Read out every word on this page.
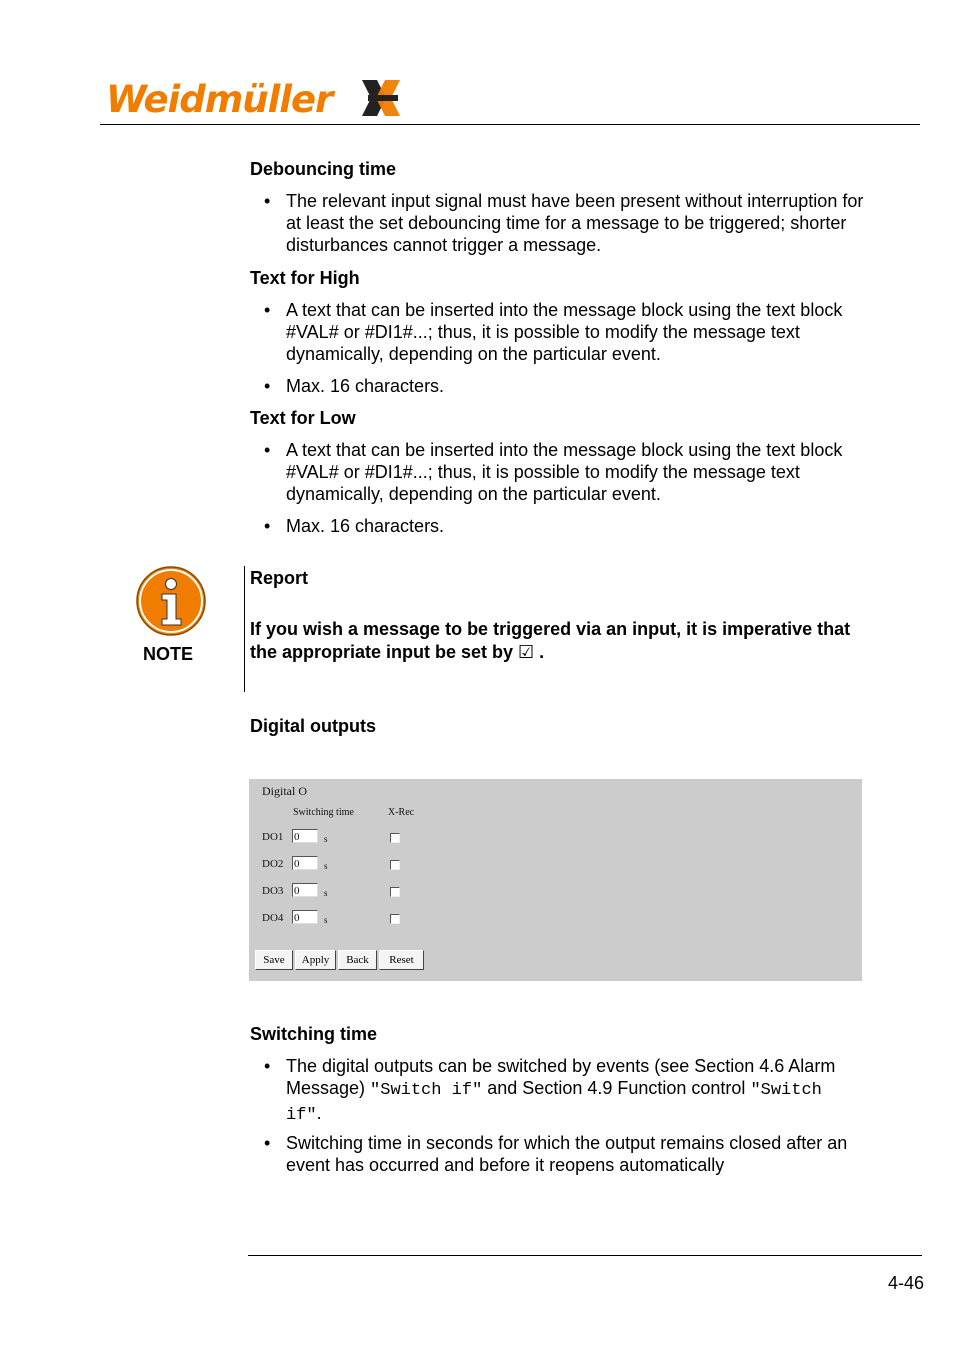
Weidmüller
Debouncing time
• The relevant input signal must have been present without interruption for at least the set debouncing time for a message to be triggered; shorter disturbances cannot trigger a message.
Text for High
• A text that can be inserted into the message block using the text block #VAL# or #DI1#...; thus, it is possible to modify the message text dynamically, depending on the particular event.
• Max. 16 characters.
Text for Low
• A text that can be inserted into the message block using the text block #VAL# or #DI1#...; thus, it is possible to modify the message text dynamically, depending on the particular event.
• Max. 16 characters.
NOTE
Report
If you wish a message to be triggered via an input, it is imperative that the appropriate input be set by ☑ .
Digital outputs
Digital O
Switching time	X-Rec
DO1 0	s
DO2 0	s
DO3 0	s
DO4 0	s
Save	Apply	Back	Reset
Switching time
• The digital outputs can be switched by events (see Section 4.6 Alarm Message) "Switch if" and Section 4.9 Function control "Switch if".
• Switching time in seconds for which the output remains closed after an event has occurred and before it reopens automatically
4-46
